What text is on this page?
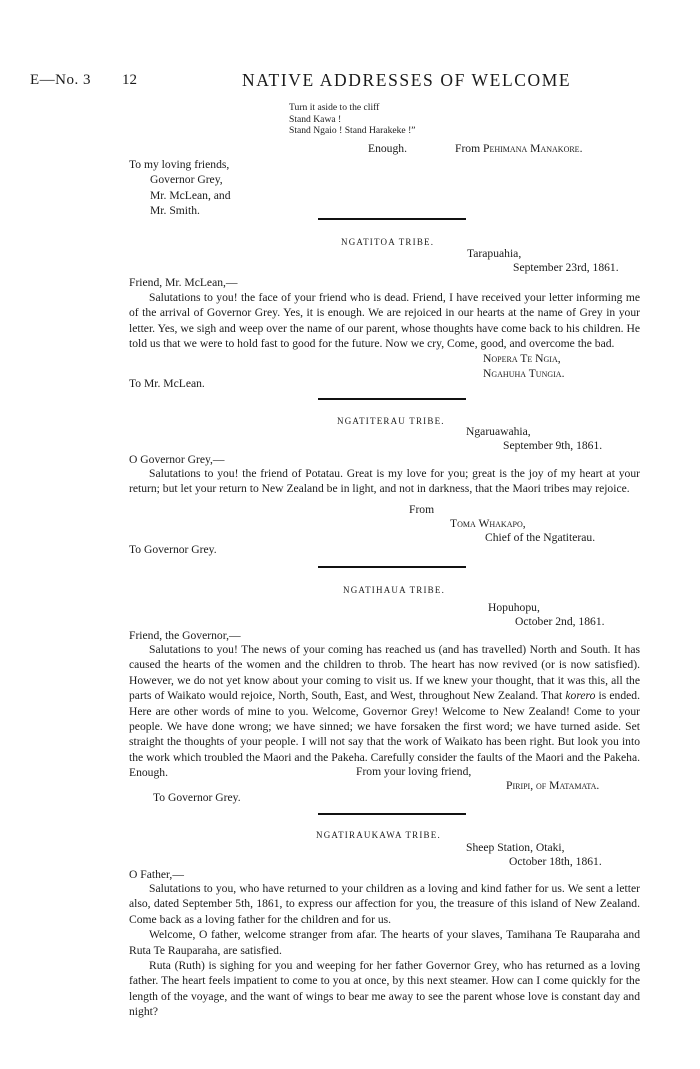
E—No. 3 12	NATIVE ADDRESSES OF WELCOME
Turn it aside to the cliff
Stand Kawa !
Stand Ngaio ! Stand Harakeke !”
Enough.	From Pehimana Manakore.
To my loving friends,
Governor Grey,
Mr. McLean, and
Mr. Smith.
NGATITOA TRIBE.
Tarapuahia,
September 23rd, 1861.
Friend, Mr. McLean,—

Salutations to you! the face of your friend who is dead. Friend, I have received your letter informing me of the arrival of Governor Grey. Yes, it is enough. We are rejoiced in our hearts at the name of Grey in your letter. Yes, we sigh and weep over the name of our parent, whose thoughts have come back to his children. He told us that we were to hold fast to good for the future. Now we cry, Come, good, and overcome the bad.

Nopera Te Ngia,
Ngahuha Tungia.
To Mr. McLean.
NGATITERAU TRIBE.
Ngaruawahia,
September 9th, 1861.
O Governor Grey,—

Salutations to you! the friend of Potatau. Great is my love for you; great is the joy of my heart at your return; but let your return to New Zealand be in light, and not in darkness, that the Maori tribes may rejoice.

From
Toma Whakapo,
Chief of the Ngatiterau.
To Governor Grey.
NGATIHAUA TRIBE.
Hopuhopu,
October 2nd, 1861.
Friend, the Governor,—

Salutations to you! The news of your coming has reached us (and has travelled) North and South. It has caused the hearts of the women and the children to throb. The heart has now revived (or is now satisfied). However, we do not yet know about your coming to visit us. If we knew your thought, that it was this, all the parts of Waikato would rejoice, North, South, East, and West, throughout New Zealand. That korero is ended. Here are other words of mine to you. Welcome, Governor Grey! Welcome to New Zealand! Come to your people. We have done wrong; we have sinned; we have forsaken the first word; we have turned aside. Set straight the thoughts of your people. I will not say that the work of Waikato has been right. But look you into the work which troubled the Maori and the Pakeha. Carefully consider the faults of the Maori and the Pakeha. Enough.	From your loving friend,
Piripi, of Matamata.
To Governor Grey.
NGATIRAUKAWA TRIBE.
Sheep Station, Otaki,
October 18th, 1861.
O Father,—

Salutations to you, who have returned to your children as a loving and kind father for us. We sent a letter also, dated September 5th, 1861, to express our affection for you, the treasure of this island of New Zealand. Come back as a loving father for the children and for us.

Welcome, O father, welcome stranger from afar. The hearts of your slaves, Tamihana Te Rauparaha and Ruta Te Rauparaha, are satisfied.

Ruta (Ruth) is sighing for you and weeping for her father Governor Grey, who has returned as a loving father. The heart feels impatient to come to you at once, by this next steamer. How can I come quickly for the length of the voyage, and the want of wings to bear me away to see the parent whose love is constant day and night?
